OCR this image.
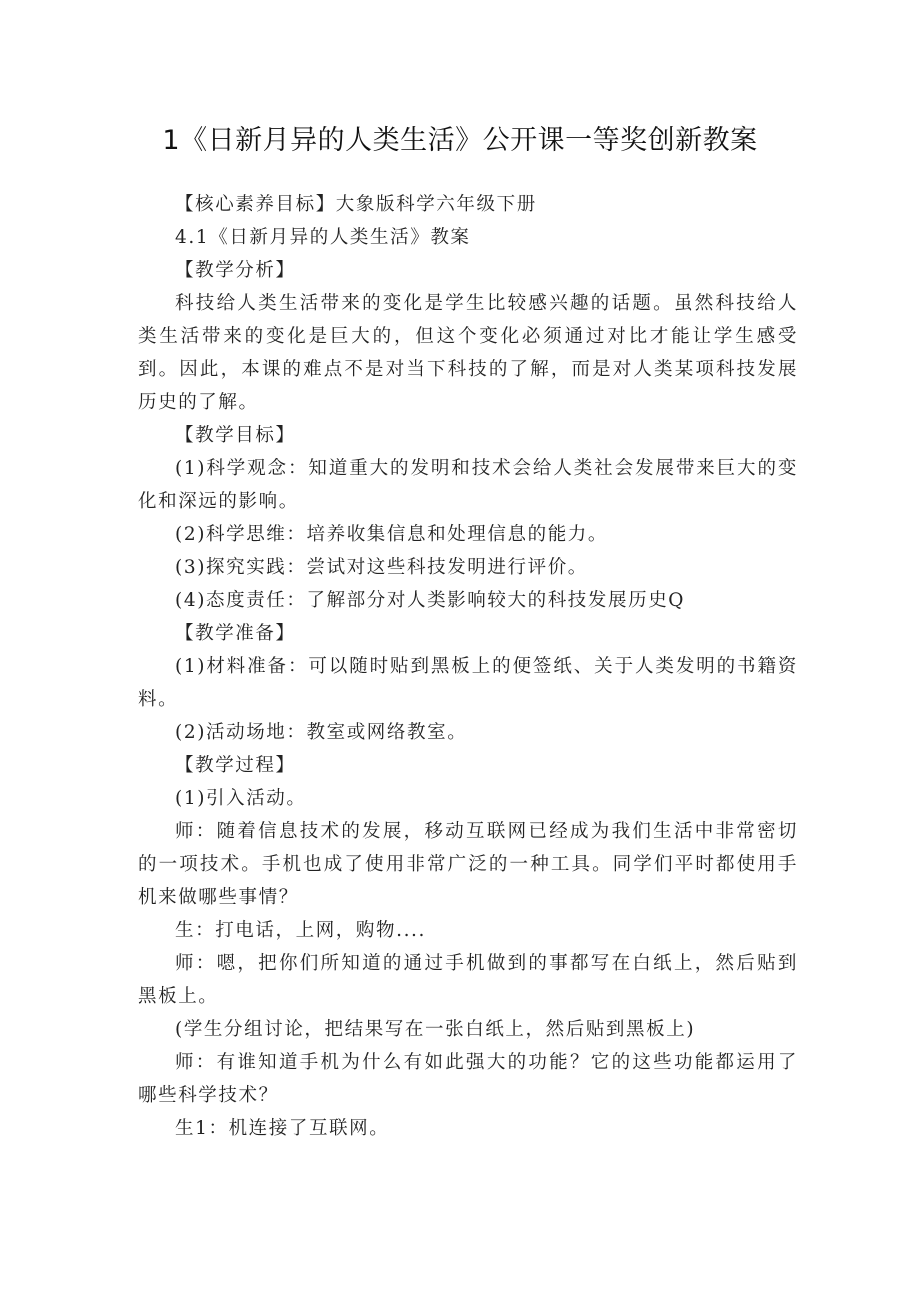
1《日新月异的人类生活》公开课一等奖创新教案

【核心素养目标】大象版科学六年级下册

4.1《日新月异的人类生活》教案

【教学分析】

科技给人类生活带来的变化是学生比较感兴趣的话题。虽然科技给人类生活带来的变化是巨大的，但这个变化必须通过对比才能让学生感受到。因此，本课的难点不是对当下科技的了解，而是对人类某项科技发展历史的了解。

【教学目标】

(1)科学观念：知道重大的发明和技术会给人类社会发展带来巨大的变化和深远的影响。

(2)科学思维：培养收集信息和处理信息的能力。

(3)探究实践：尝试对这些科技发明进行评价。

(4)态度责任：了解部分对人类影响较大的科技发展历史Q

【教学准备】

(1)材料准备：可以随时贴到黑板上的便签纸、关于人类发明的书籍资料。

(2)活动场地：教室或网络教室。

【教学过程】

(1)引入活动。

师：随着信息技术的发展，移动互联网已经成为我们生活中非常密切的一项技术。手机也成了使用非常广泛的一种工具。同学们平时都使用手机来做哪些事情？

生：打电话，上网，购物....

师：嗯，把你们所知道的通过手机做到的事都写在白纸上，然后贴到黑板上。

(学生分组讨论，把结果写在一张白纸上，然后贴到黑板上)

师：有谁知道手机为什么有如此强大的功能？它的这些功能都运用了哪些科学技术？

生1：机连接了互联网。
